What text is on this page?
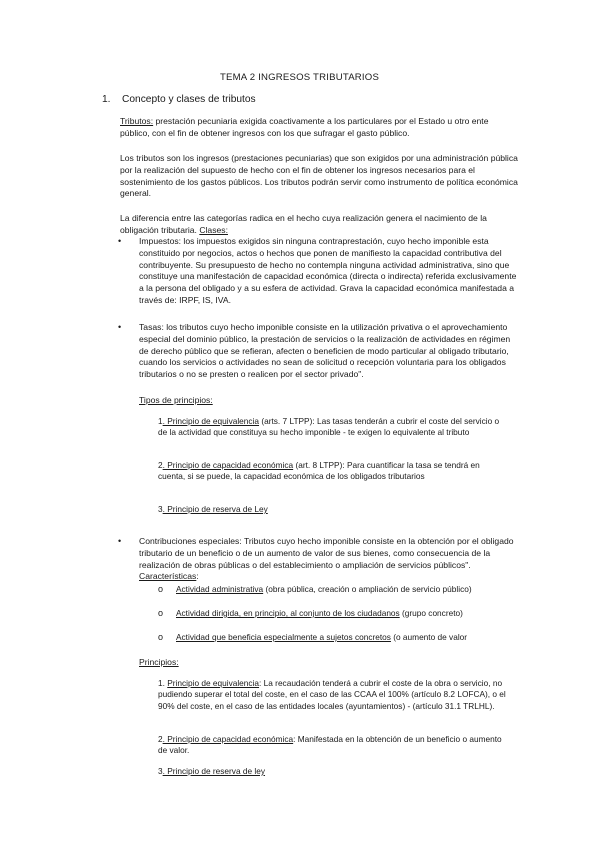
TEMA 2 INGRESOS TRIBUTARIOS
1. Concepto y clases de tributos

Tributos: prestación pecuniaria exigida coactivamente a los particulares por el Estado u otro ente público, con el fin de obtener ingresos con los que sufragar el gasto público.

Los tributos son los ingresos (prestaciones pecuniarias) que son exigidos por una administración pública por la realización del supuesto de hecho con el fin de obtener los ingresos necesarios para el sostenimiento de los gastos públicos. Los tributos podrán servir como instrumento de política económica general.

La diferencia entre las categorías radica en el hecho cuya realización genera el nacimiento de la obligación tributaria. Clases:

• Impuestos: los impuestos exigidos sin ninguna contraprestación, cuyo hecho imponible esta constituido por negocios, actos o hechos que ponen de manifiesto la capacidad contributiva del contribuyente. Su presupuesto de hecho no contempla ninguna actividad administrativa, sino que constituye una manifestación de capacidad económica (directa o indirecta) referida exclusivamente a la persona del obligado y a su esfera de actividad. Grava la capacidad económica manifestada a través de: IRPF, IS, IVA.

• Tasas: los tributos cuyo hecho imponible consiste en la utilización privativa o el aprovechamiento especial del dominio público, la prestación de servicios o la realización de actividades en régimen de derecho público que se refieran, afecten o beneficien de modo particular al obligado tributario, cuando los servicios o actividades no sean de solicitud o recepción voluntaria para los obligados tributarios o no se presten o realicen por el sector privado".

Tipos de principios:

1. Principio de equivalencia (arts. 7 LTPP): Las tasas tenderán a cubrir el coste del servicio o de la actividad que constituya su hecho imponible - te exigen lo equivalente al tributo

2. Principio de capacidad económica (art. 8 LTPP): Para cuantificar la tasa se tendrá en cuenta, si se puede, la capacidad económica de los obligados tributarios

3. Principio de reserva de Ley

• Contribuciones especiales: Tributos cuyo hecho imponible consiste en la obtención por el obligado tributario de un beneficio o de un aumento de valor de sus bienes, como consecuencia de la realización de obras públicas o del establecimiento o ampliación de servicios públicos". Características:

o Actividad administrativa (obra pública, creación o ampliación de servicio público)

o Actividad dirigida, en principio, al conjunto de los ciudadanos (grupo concreto)

o Actividad que beneficia especialmente a sujetos concretos (o aumento de valor

Principios:

1. Principio de equivalencia: La recaudación tenderá a cubrir el coste de la obra o servicio, no pudiendo superar el total del coste, en el caso de las CCAA el 100% (artículo 8.2 LOFCA), o el 90% del coste, en el caso de las entidades locales (ayuntamientos) - (artículo 31.1 TRLHL).

2. Principio de capacidad económica: Manifestada en la obtención de un beneficio o aumento de valor.

3. Principio de reserva de ley
